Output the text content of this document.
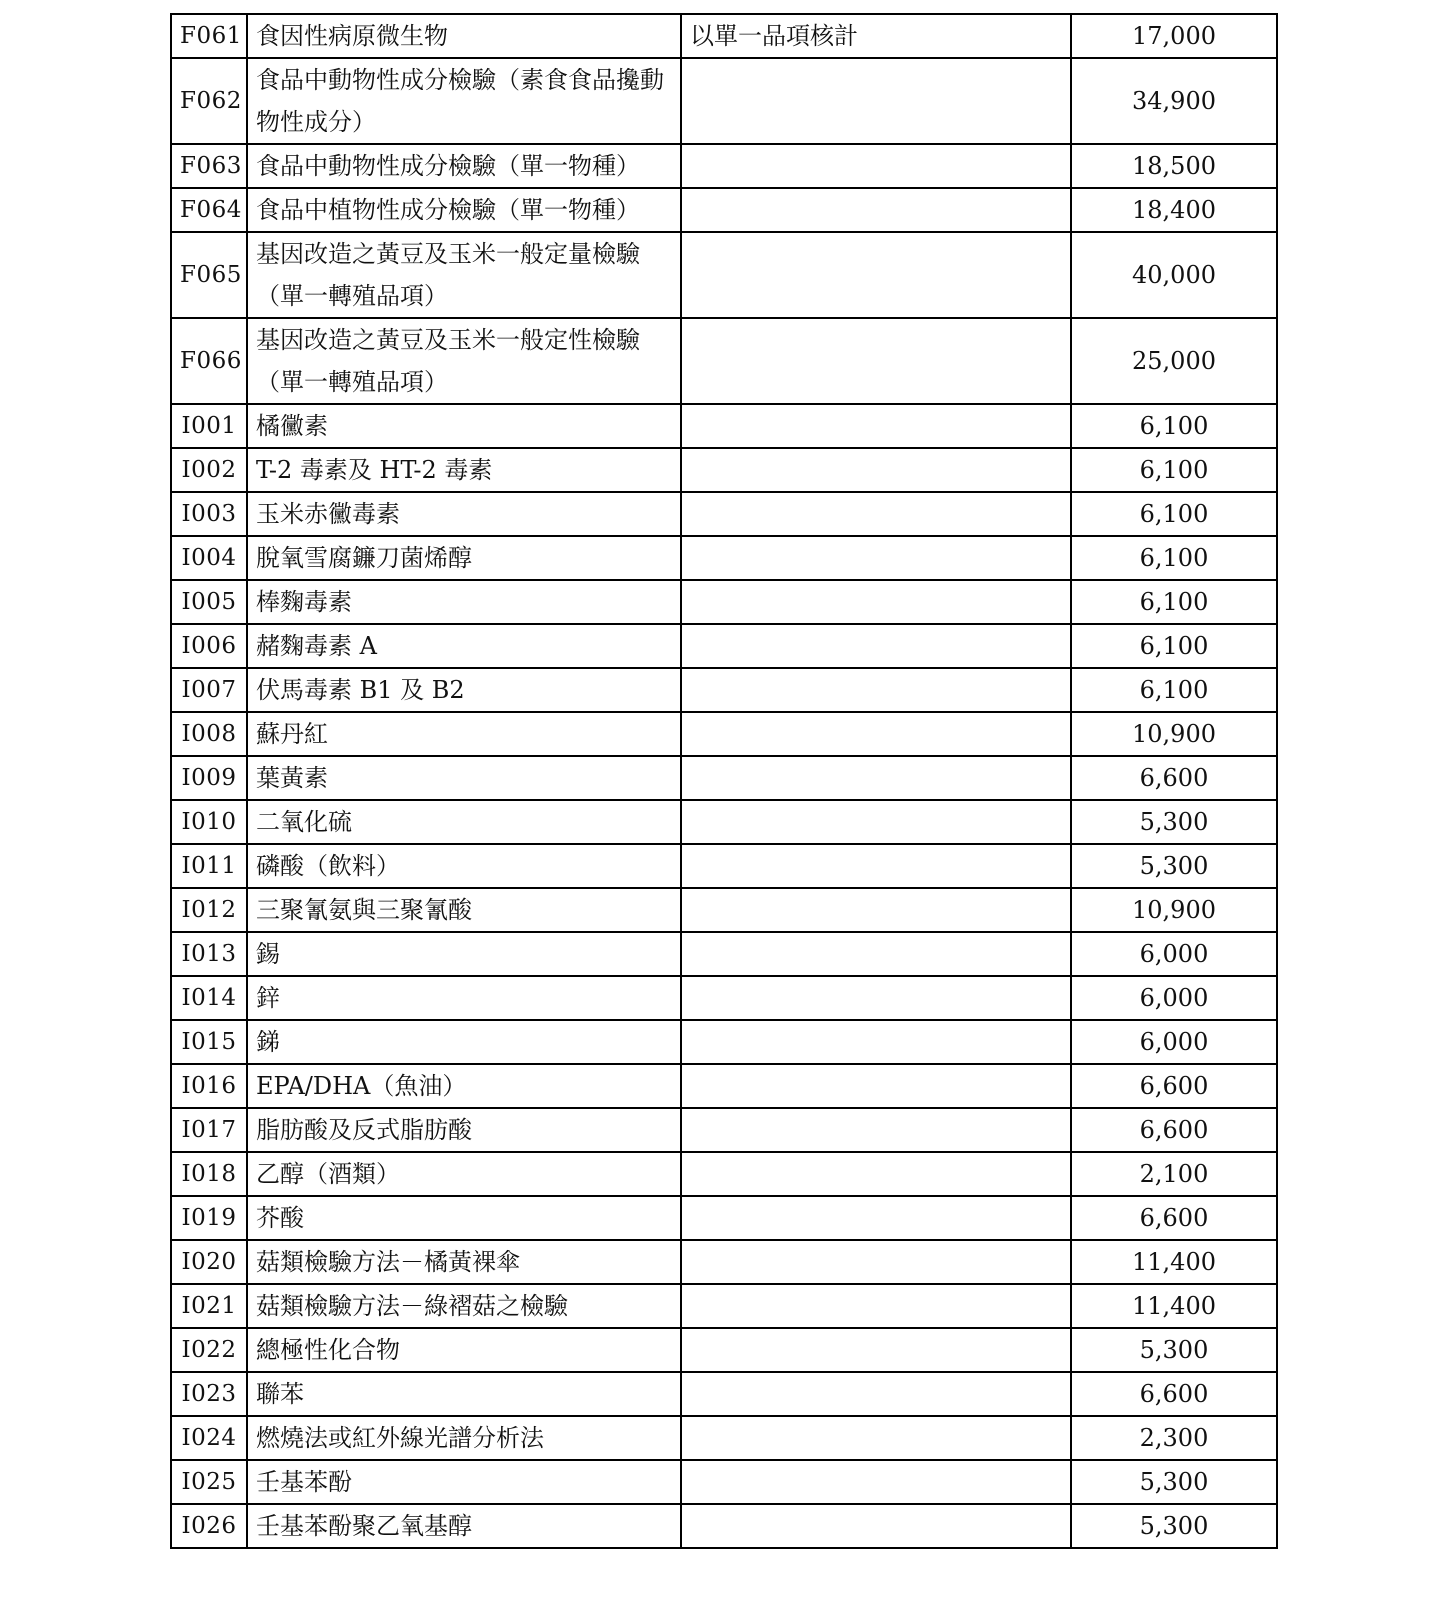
F061	食因性病原微生物	以單一品項核計	17,000
F062	食品中動物性成分檢驗（素食食品攙動物性成分）		34,900
F063	食品中動物性成分檢驗（單一物種）		18,500
F064	食品中植物性成分檢驗（單一物種）		18,400
F065	基因改造之黃豆及玉米一般定量檢驗（單一轉殖品項）		40,000
F066	基因改造之黃豆及玉米一般定性檢驗（單一轉殖品項）		25,000
I001	橘黴素		6,100
I002	T-2 毒素及 HT-2 毒素		6,100
I003	玉米赤黴毒素		6,100
I004	脫氧雪腐鐮刀菌烯醇		6,100
I005	棒麴毒素		6,100
I006	赭麴毒素 A		6,100
I007	伏馬毒素 B1 及 B2		6,100
I008	蘇丹紅		10,900
I009	葉黃素		6,600
I010	二氧化硫		5,300
I011	磷酸（飲料）		5,300
I012	三聚氰氨與三聚氰酸		10,900
I013	錫		6,000
I014	鋅		6,000
I015	銻		6,000
I016	EPA/DHA（魚油）		6,600
I017	脂肪酸及反式脂肪酸		6,600
I018	乙醇（酒類）		2,100
I019	芥酸		6,600
I020	菇類檢驗方法－橘黃裸傘		11,400
I021	菇類檢驗方法－綠褶菇之檢驗		11,400
I022	總極性化合物		5,300
I023	聯苯		6,600
I024	燃燒法或紅外線光譜分析法		2,300
I025	壬基苯酚		5,300
I026	壬基苯酚聚乙氧基醇		5,300
